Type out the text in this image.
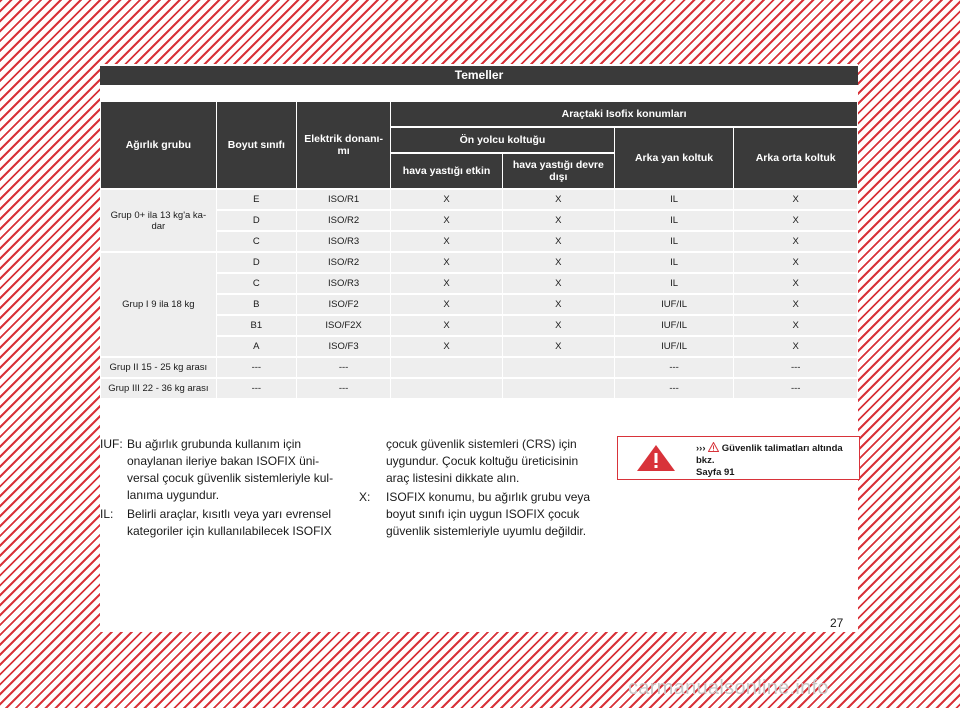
Temeller
Ağırlık grubu	Boyut sınıfı	Elektrik donanı-mı	Araçtaki Isofix konumları			
			Ön yolcu koltuğu		Arka yan koltuk	Arka orta koltuk
			hava yastığı etkin	hava yastığı devre dışı		
Grup 0+ ila 13 kg'a ka-dar	E	ISO/R1	X	X	IL	X
	D	ISO/R2	X	X	IL	X
	C	ISO/R3	X	X	IL	X
Grup I 9 ila 18 kg	D	ISO/R2	X	X	IL	X
	C	ISO/R3	X	X	IL	X
	B	ISO/F2	X	X	IUF/IL	X
	B1	ISO/F2X	X	X	IUF/IL	X
	A	ISO/F3	X	X	IUF/IL	X
Grup II 15 - 25 kg arası	---	---			---	---
Grup III 22 - 36 kg arası	---	---			---	---
IUF: Bu ağırlık grubunda kullanım için onaylanan ileriye bakan ISOFIX üni-versal çocuk güvenlik sistemleriyle kul-lanıma uygundur.
IL:	Belirli araçlar, kısıtlı veya yarı evrensel kategoriler için kullanılabilecek ISOFIX
çocuk güvenlik sistemleri (CRS) için uygundur. Çocuk koltuğu üreticisinin araç listesini dikkate alın.
X:	ISOFIX konumu, bu ağırlık grubu veya boyut sınıfı için uygun ISOFIX çocuk güvenlik sistemleriyle uyumlu değildir.
››› Güvenlik talimatları altında bkz.
Sayfa 91
27
carmanualsonline.info
